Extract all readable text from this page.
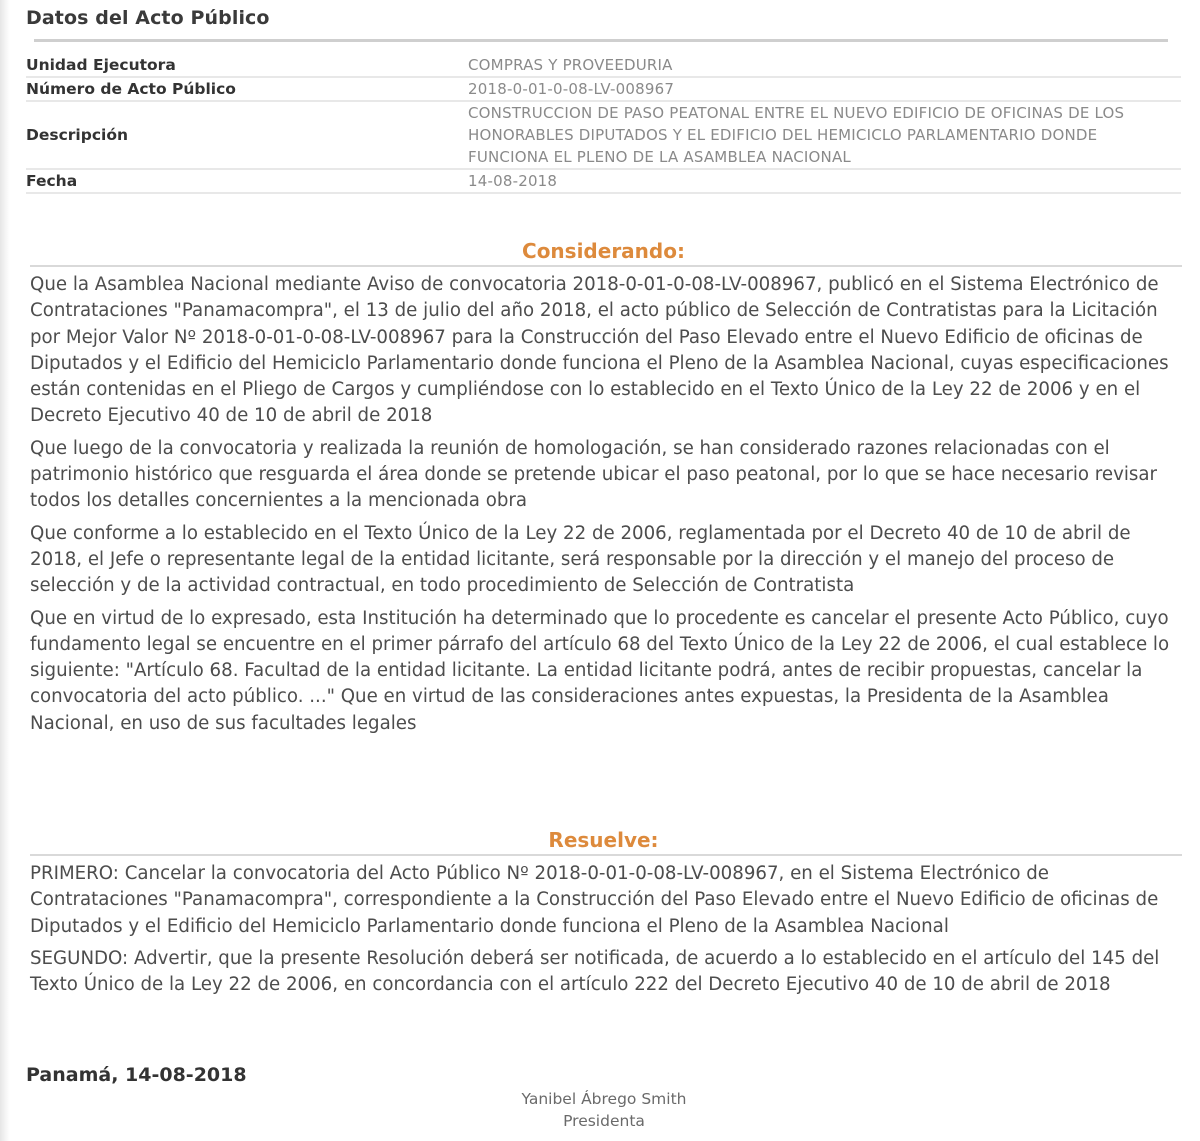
Datos del Acto Público
Unidad Ejecutora	COMPRAS Y PROVEEDURIA
Número de Acto Público	2018-0-01-0-08-LV-008967
Descripción	CONSTRUCCION DE PASO PEATONAL ENTRE EL NUEVO EDIFICIO DE OFICINAS DE LOS HONORABLES DIPUTADOS Y EL EDIFICIO DEL HEMICICLO PARLAMENTARIO DONDE FUNCIONA EL PLENO DE LA ASAMBLEA NACIONAL
Fecha	14-08-2018
Considerando:

Que la Asamblea Nacional mediante Aviso de convocatoria 2018-0-01-0-08-LV-008967, publicó en el Sistema Electrónico de Contrataciones "Panamacompra", el 13 de julio del año 2018, el acto público de Selección de Contratistas para la Licitación por Mejor Valor Nº 2018-0-01-0-08-LV-008967 para la Construcción del Paso Elevado entre el Nuevo Edificio de oficinas de Diputados y el Edificio del Hemiciclo Parlamentario donde funciona el Pleno de la Asamblea Nacional, cuyas especificaciones están contenidas en el Pliego de Cargos y cumpliéndose con lo establecido en el Texto Único de la Ley 22 de 2006 y en el Decreto Ejecutivo 40 de 10 de abril de 2018

Que luego de la convocatoria y realizada la reunión de homologación, se han considerado razones relacionadas con el patrimonio histórico que resguarda el área donde se pretende ubicar el paso peatonal, por lo que se hace necesario revisar todos los detalles concernientes a la mencionada obra

Que conforme a lo establecido en el Texto Único de la Ley 22 de 2006, reglamentada por el Decreto 40 de 10 de abril de 2018, el Jefe o representante legal de la entidad licitante, será responsable por la dirección y el manejo del proceso de selección y de la actividad contractual, en todo procedimiento de Selección de Contratista

Que en virtud de lo expresado, esta Institución ha determinado que lo procedente es cancelar el presente Acto Público, cuyo fundamento legal se encuentre en el primer párrafo del artículo 68 del Texto Único de la Ley 22 de 2006, el cual establece lo siguiente: "Artículo 68. Facultad de la entidad licitante. La entidad licitante podrá, antes de recibir propuestas, cancelar la convocatoria del acto público. ..." Que en virtud de las consideraciones antes expuestas, la Presidenta de la Asamblea Nacional, en uso de sus facultades legales

Resuelve:

PRIMERO: Cancelar la convocatoria del Acto Público Nº 2018-0-01-0-08-LV-008967, en el Sistema Electrónico de Contrataciones "Panamacompra", correspondiente a la Construcción del Paso Elevado entre el Nuevo Edificio de oficinas de Diputados y el Edificio del Hemiciclo Parlamentario donde funciona el Pleno de la Asamblea Nacional

SEGUNDO: Advertir, que la presente Resolución deberá ser notificada, de acuerdo a lo establecido en el artículo del 145 del Texto Único de la Ley 22 de 2006, en concordancia con el artículo 222 del Decreto Ejecutivo 40 de 10 de abril de 2018

Panamá, 14-08-2018
Yanibel Ábrego Smith
Presidenta
